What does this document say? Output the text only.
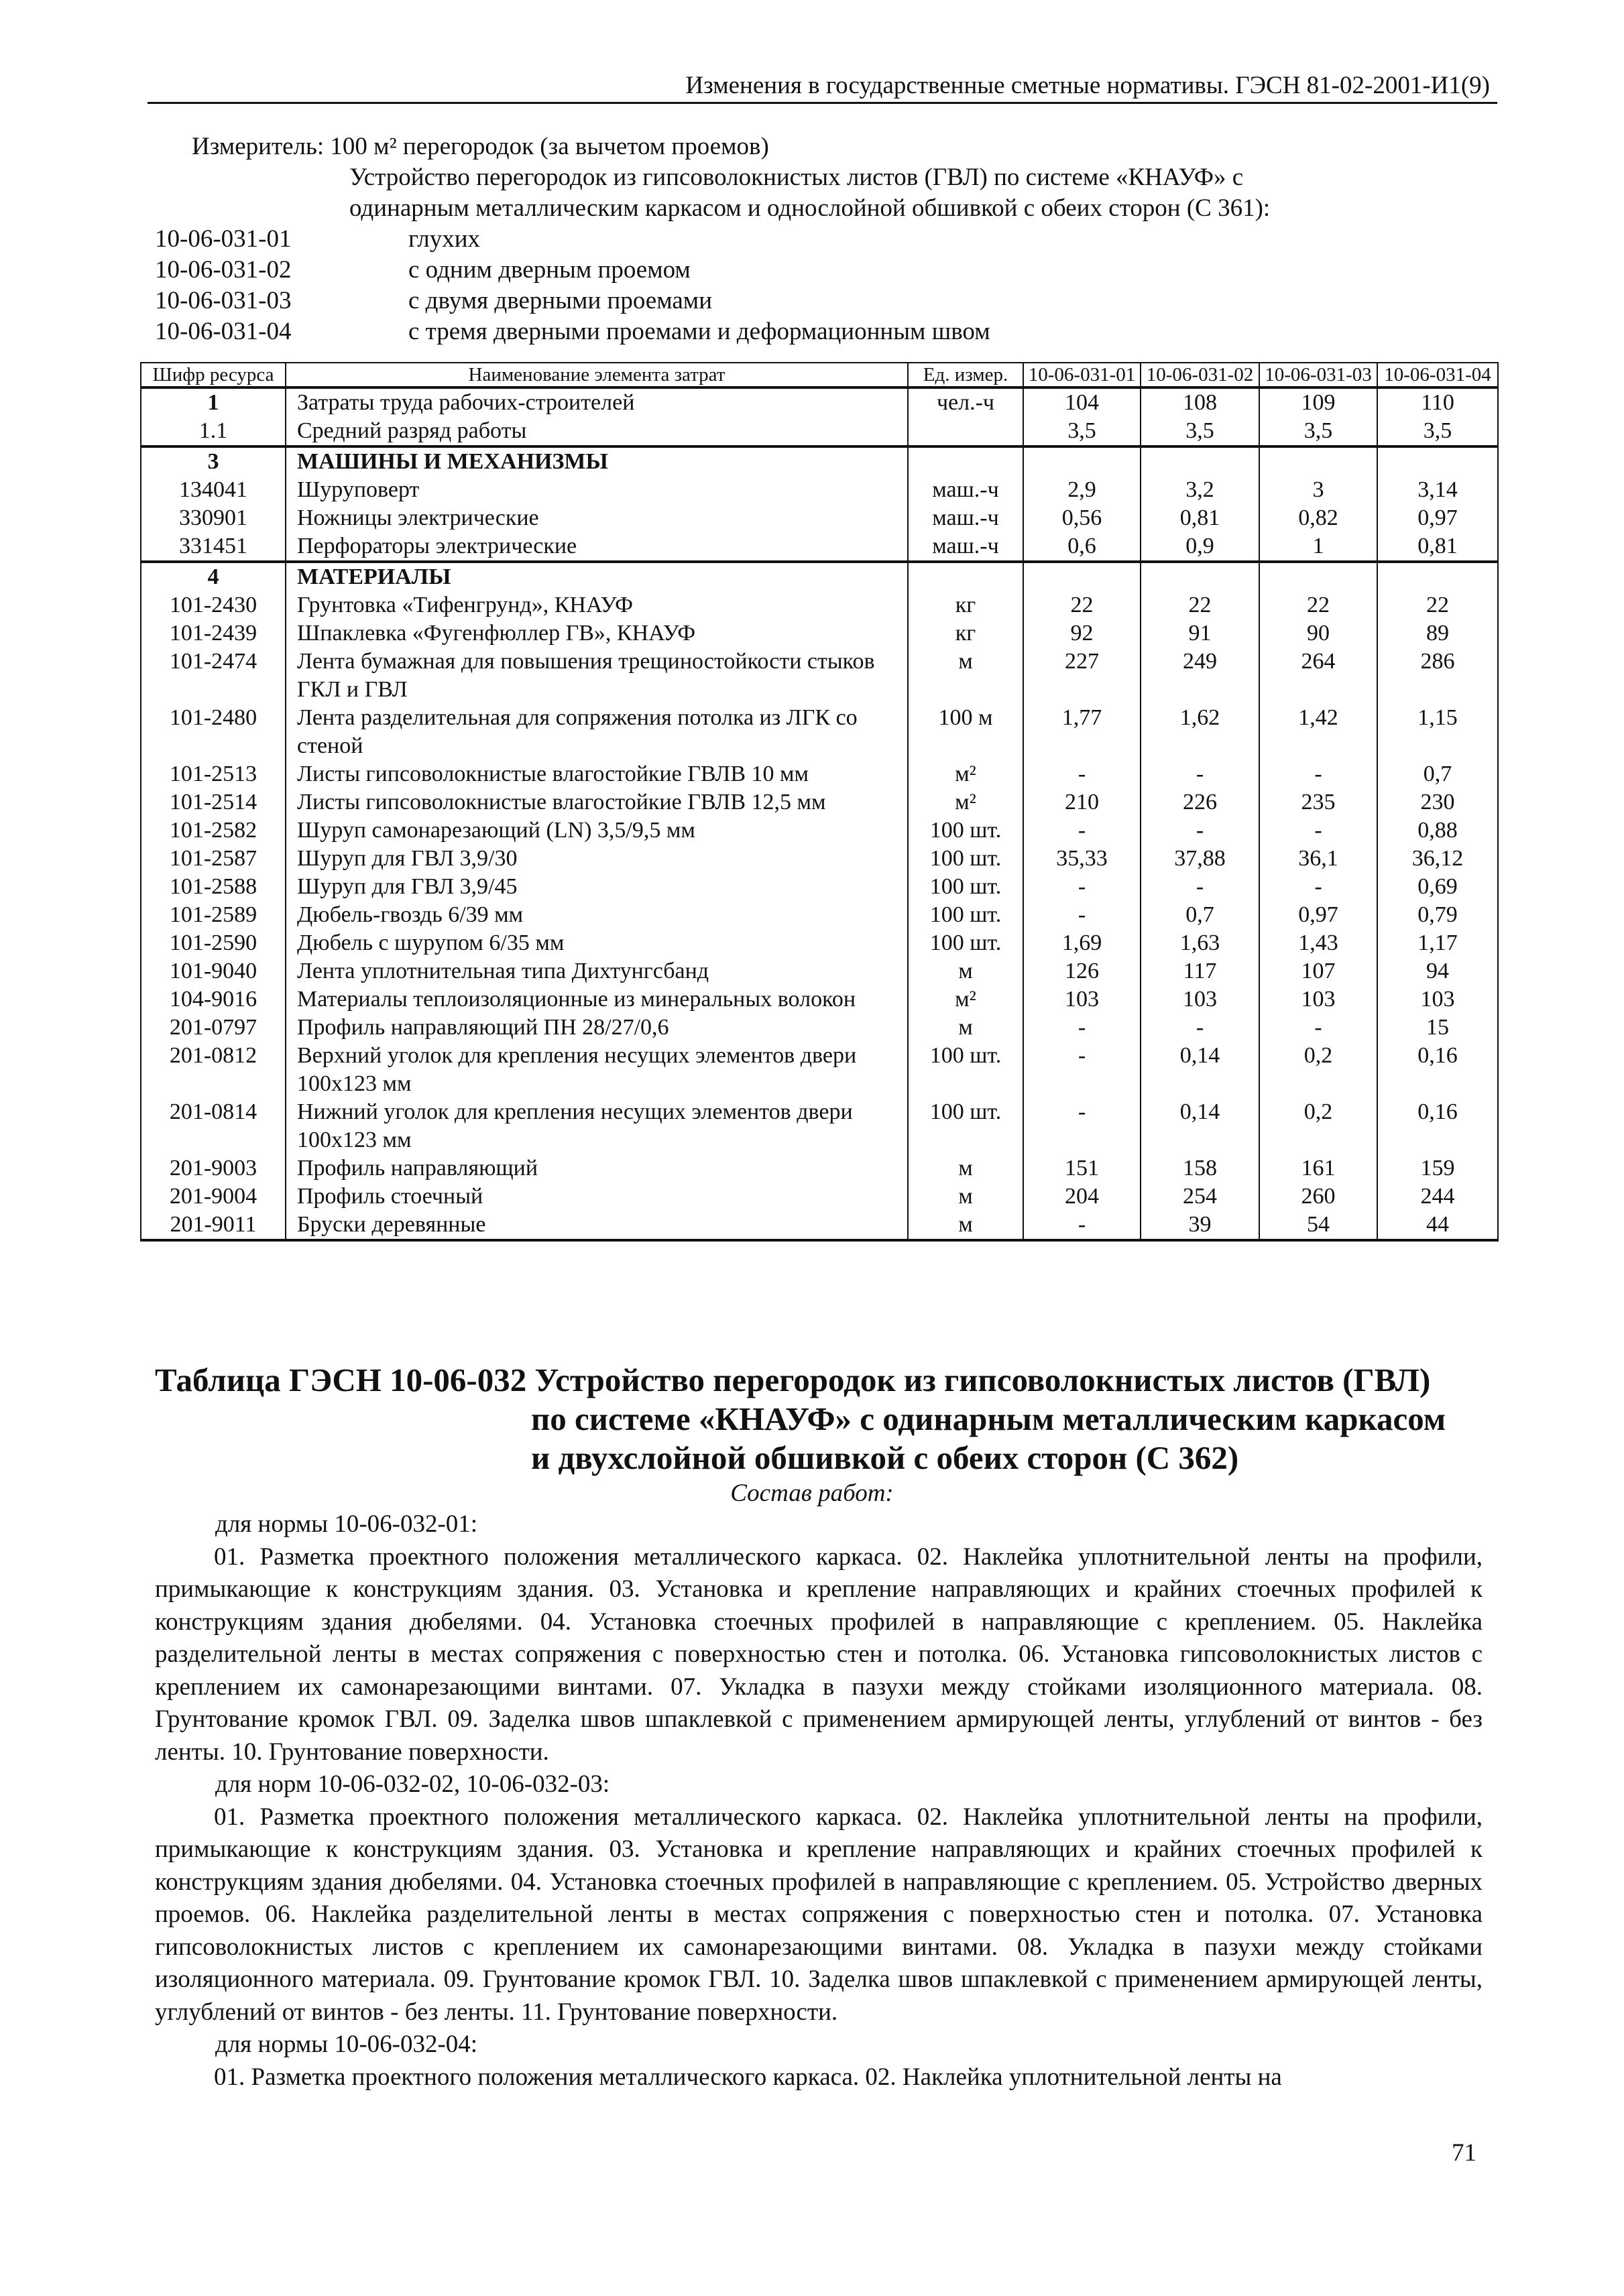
Изменения в государственные сметные нормативы. ГЭСН 81-02-2001-И1(9)
Измеритель: 100 м² перегородок (за вычетом проемов)
Устройство перегородок из гипсоволокнистых листов (ГВЛ) по системе «КНАУФ» с
одинарным металлическим каркасом и однослойной обшивкой с обеих сторон (С 361):
10-06-031-01	глухих
10-06-031-02	с одним дверным проемом
10-06-031-03	с двумя дверными проемами
10-06-031-04	с тремя дверными проемами и деформационным швом
Шифр ресурса	Наименование элемента затрат	Ед. измер.	10-06-031-01	10-06-031-02	10-06-031-03	10-06-031-04
1	Затраты труда рабочих-строителей	чел.-ч	104	108	109	110
1.1	Средний разряд работы		3,5	3,5	3,5	3,5
3	МАШИНЫ И МЕХАНИЗМЫ					
134041	Шуруповерт	маш.-ч	2,9	3,2	3	3,14
330901	Ножницы электрические	маш.-ч	0,56	0,81	0,82	0,97
331451	Перфораторы электрические	маш.-ч	0,6	0,9	1	0,81
4	МАТЕРИАЛЫ					
101-2430	Грунтовка «Тифенгрунд», КНАУФ	кг	22	22	22	22
101-2439	Шпаклевка «Фугенфюллер ГВ», КНАУФ	кг	92	91	90	89
101-2474	Лента бумажная для повышения трещиностойкости стыков ГКЛ и ГВЛ	м	227	249	264	286
101-2480	Лента разделительная для сопряжения потолка из ЛГК со стеной	100 м	1,77	1,62	1,42	1,15
101-2513	Листы гипсоволокнистые влагостойкие ГВЛВ 10 мм	м²	-	-	-	0,7
101-2514	Листы гипсоволокнистые влагостойкие ГВЛВ 12,5 мм	м²	210	226	235	230
101-2582	Шуруп самонарезающий (LN) 3,5/9,5 мм	100 шт.	-	-	-	0,88
101-2587	Шуруп для ГВЛ 3,9/30	100 шт.	35,33	37,88	36,1	36,12
101-2588	Шуруп для ГВЛ 3,9/45	100 шт.	-	-	-	0,69
101-2589	Дюбель-гвоздь 6/39 мм	100 шт.	-	0,7	0,97	0,79
101-2590	Дюбель с шурупом 6/35 мм	100 шт.	1,69	1,63	1,43	1,17
101-9040	Лента уплотнительная типа Дихтунгсбанд	м	126	117	107	94
104-9016	Материалы теплоизоляционные из минеральных волокон	м²	103	103	103	103
201-0797	Профиль направляющий ПН 28/27/0,6	м	-	-	-	15
201-0812	Верхний уголок для крепления несущих элементов двери 100х123 мм	100 шт.	-	0,14	0,2	0,16
201-0814	Нижний уголок для крепления несущих элементов двери 100х123 мм	100 шт.	-	0,14	0,2	0,16
201-9003	Профиль направляющий	м	151	158	161	159
201-9004	Профиль стоечный	м	204	254	260	244
201-9011	Бруски деревянные	м	-	39	54	44
Таблица ГЭСН 10-06-032 Устройство перегородок из гипсоволокнистых листов (ГВЛ)
по системе «КНАУФ» с одинарным металлическим каркасом
и двухслойной обшивкой с обеих сторон (С 362)
Состав работ:

для нормы 10-06-032-01:

01. Разметка проектного положения металлического каркаса. 02. Наклейка уплотнительной ленты на профили, примыкающие к конструкциям здания. 03. Установка и крепление направляющих и крайних стоечных профилей к конструкциям здания дюбелями. 04. Установка стоечных профилей в направляющие с креплением. 05. Наклейка разделительной ленты в местах сопряжения с поверхностью стен и потолка. 06. Установка гипсоволокнистых листов с креплением их самонарезающими винтами. 07. Укладка в пазухи между стойками изоляционного материала. 08. Грунтование кромок ГВЛ. 09. Заделка швов шпаклевкой с применением армирующей ленты, углублений от винтов - без ленты. 10. Грунтование поверхности.

для норм 10-06-032-02, 10-06-032-03:

01. Разметка проектного положения металлического каркаса. 02. Наклейка уплотнительной ленты на профили, примыкающие к конструкциям здания. 03. Установка и крепление направляющих и крайних стоечных профилей к конструкциям здания дюбелями. 04. Установка стоечных профилей в направляющие с креплением. 05. Устройство дверных проемов. 06. Наклейка разделительной ленты в местах сопряжения с поверхностью стен и потолка. 07. Установка гипсоволокнистых листов с креплением их самонарезающими винтами. 08. Укладка в пазухи между стойками изоляционного материала. 09. Грунтование кромок ГВЛ. 10. Заделка швов шпаклевкой с применением армирующей ленты, углублений от винтов - без ленты. 11. Грунтование поверхности.

для нормы 10-06-032-04:

01. Разметка проектного положения металлического каркаса. 02. Наклейка уплотнительной ленты на

71
